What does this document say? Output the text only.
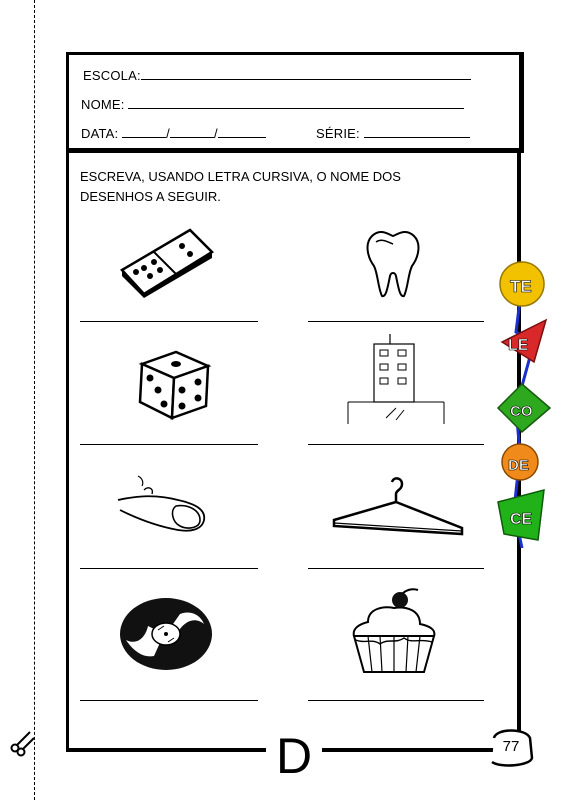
ESCOLA:
NOME:
DATA:	/	/	SÉRIE:
ESCREVA, USANDO LETRA CURSIVA, O NOME DOS DESENHOS A SEGUIR.
TE
LE
CO
DE
CE
D	77
